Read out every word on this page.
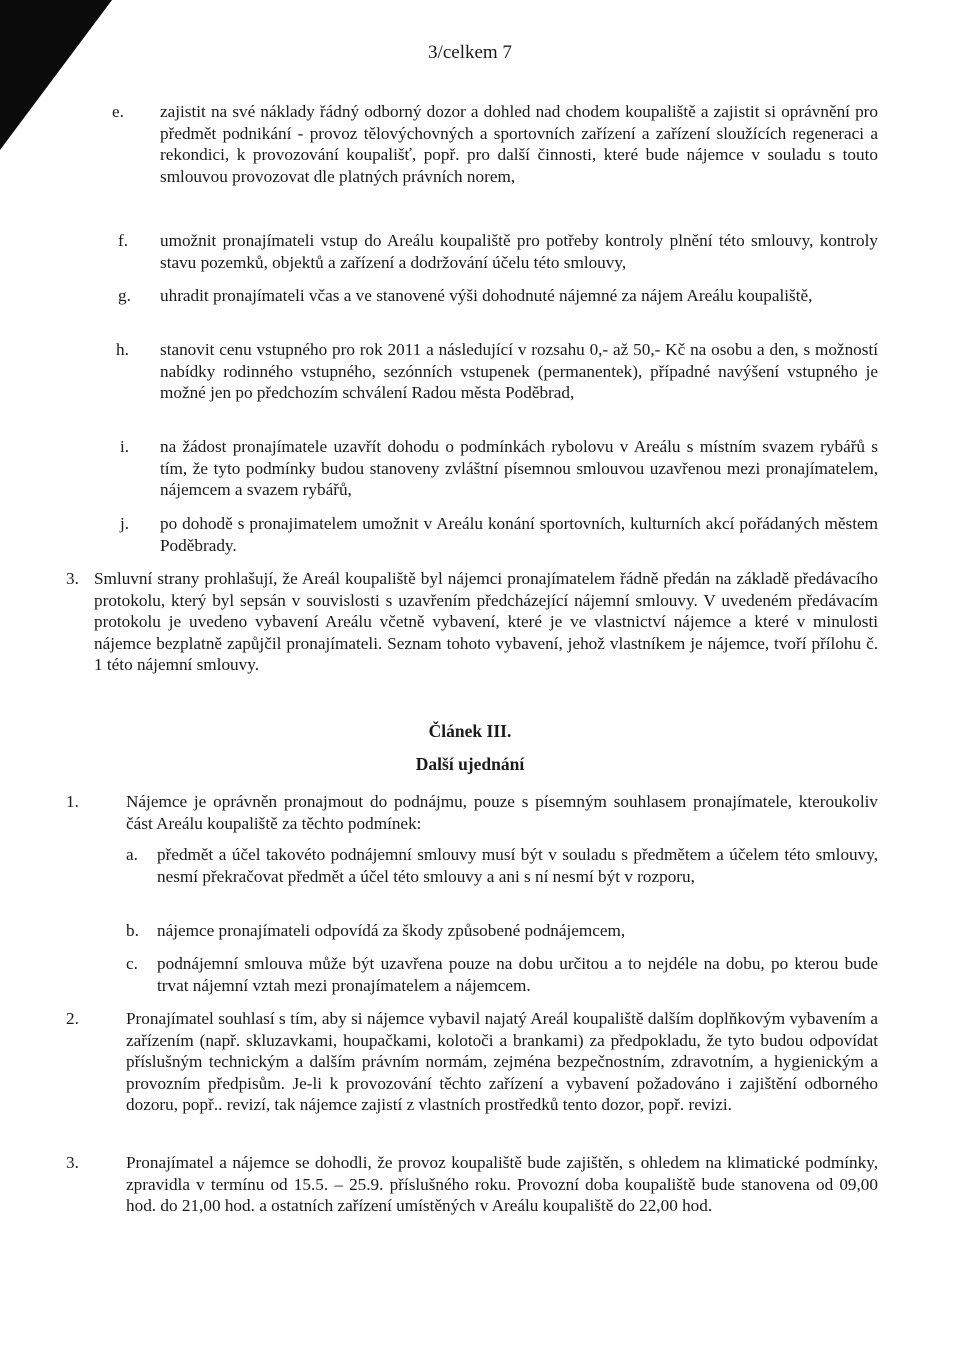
3/celkem 7
e. zajistit na své náklady řádný odborný dozor a dohled nad chodem koupaliště a zajistit si oprávnění pro předmět podnikání - provoz tělovýchovných a sportovních zařízení a zařízení sloužících regeneraci a rekondici, k provozování koupališť, popř. pro další činnosti, které bude nájemce v souladu s touto smlouvou provozovat dle platných právních norem,

f. umožnit pronajímateli vstup do Areálu koupaliště pro potřeby kontroly plnění této smlouvy, kontroly stavu pozemků, objektů a zařízení a dodržování účelu této smlouvy,

g. uhradit pronajímateli včas a ve stanovené výši dohodnuté nájemné za nájem Areálu koupaliště,

h. stanovit cenu vstupného pro rok 2011 a následující v rozsahu 0,- až 50,- Kč na osobu a den, s možností nabídky rodinného vstupného, sezónních vstupenek (permanentek), případné navýšení vstupného je možné jen po předchozím schválení Radou města Poděbrad,

i. na žádost pronajímatele uzavřít dohodu o podmínkách rybolovu v Areálu s místním svazem rybářů s tím, že tyto podmínky budou stanoveny zvláštní písemnou smlouvou uzavřenou mezi pronajímatelem, nájemcem a svazem rybářů,

j. po dohodě s pronajimatelem umožnit v Areálu konání sportovních, kulturních akcí pořádaných městem Poděbrady.

3. Smluvní strany prohlašují, že Areál koupaliště byl nájemci pronajímatelem řádně předán na základě předávacího protokolu, který byl sepsán v souvislosti s uzavřením předcházející nájemní smlouvy. V uvedeném předávacím protokolu je uvedeno vybavení Areálu včetně vybavení, které je ve vlastnictví nájemce a které v minulosti nájemce bezplatně zapůjčil pronajímateli. Seznam tohoto vybavení, jehož vlastníkem je nájemce, tvoří přílohu č. 1 této nájemní smlouvy.

Článek III.
Další ujednání
1.	Nájemce je oprávněn pronajmout do podnájmu, pouze s písemným souhlasem pronajímatele, kteroukoliv část Areálu koupaliště za těchto podmínek:

a. předmět a účel takovéto podnájemní smlouvy musí být v souladu s předmětem a účelem této smlouvy, nesmí překračovat předmět a účel této smlouvy a ani s ní nesmí být v rozporu,

b. nájemce pronajímateli odpovídá za škody způsobené podnájemcem,

c. podnájemní smlouva může být uzavřena pouze na dobu určitou a to nejdéle na dobu, po kterou bude trvat nájemní vztah mezi pronajímatelem a nájemcem.

2.	Pronajímatel souhlasí s tím, aby si nájemce vybavil najatý Areál koupaliště dalším doplňkovým vybavením a zařízením (např. skluzavkami, houpačkami, kolotoči a brankami) za předpokladu, že tyto budou odpovídat příslušným technickým a dalším právním normám, zejména bezpečnostním, zdravotním, a hygienickým a provozním předpisům. Je-li k provozování těchto zařízení a vybavení požadováno i zajištění odborného dozoru, popř.. revizí, tak nájemce zajistí z vlastních prostředků tento dozor, popř. revizi.

3.	Pronajímatel a nájemce se dohodli, že provoz koupaliště bude zajištěn, s ohledem na klimatické podmínky, zpravidla v termínu od 15.5. – 25.9. příslušného roku. Provozní doba koupaliště bude stanovena od 09,00 hod. do 21,00 hod. a ostatních zařízení umístěných v Areálu koupaliště do 22,00 hod.
